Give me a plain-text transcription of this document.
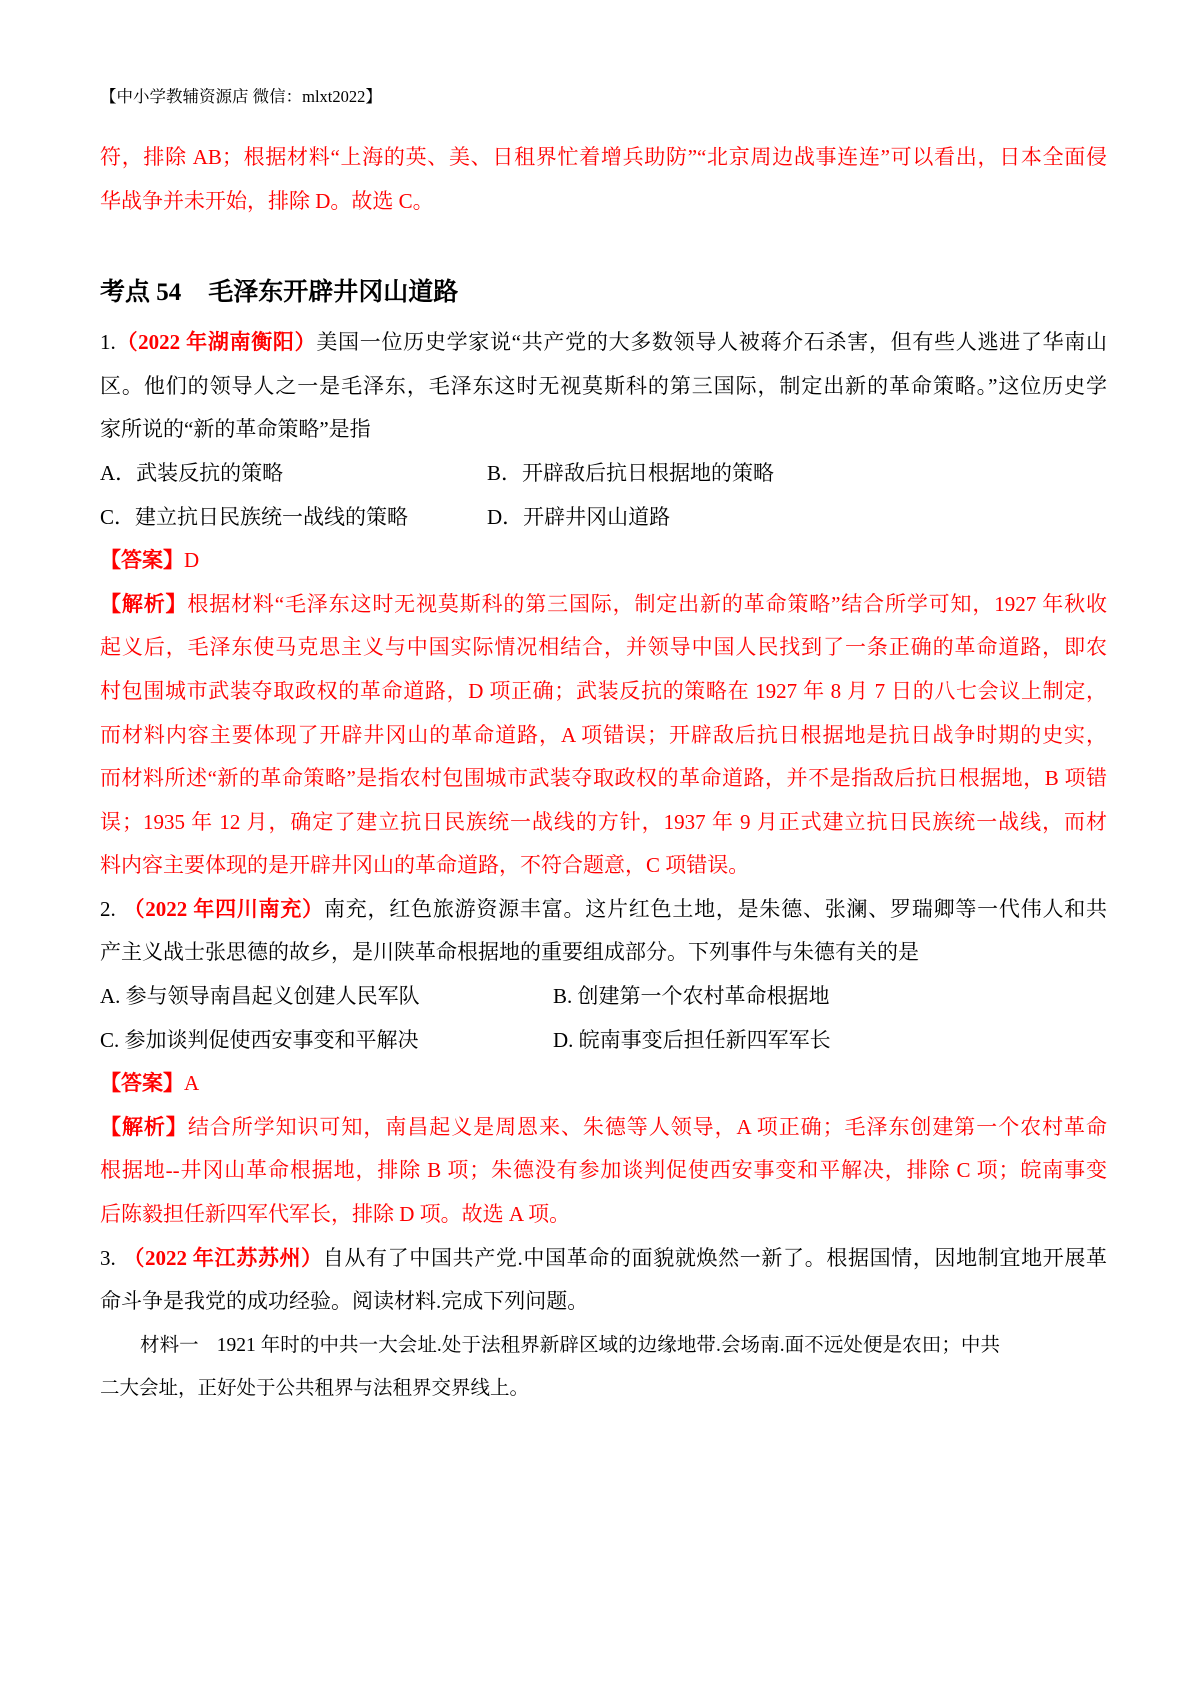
【中小学教辅资源店 微信：mlxt2022】
符，排除 AB；根据材料“上海的英、美、日租界忙着增兵助防”“北京周边战事连连”可以看出，日本全面侵
华战争并未开始，排除 D。故选 C。
考点 54 毛泽东开辟井冈山道路
1.（2022 年湖南衡阳）美国一位历史学家说“共产党的大多数领导人被蒋介石杀害，但有些人逃进了华南山
区。他们的领导人之一是毛泽东，毛泽东这时无视莫斯科的第三国际，制定出新的革命策略。”这位历史学
家所说的“新的革命策略”是指
A．武装反抗的策略	B．开辟敌后抗日根据地的策略
C．建立抗日民族统一战线的策略	D．开辟井冈山道路
【答案】D
【解析】根据材料“毛泽东这时无视莫斯科的第三国际，制定出新的革命策略”结合所学可知，1927 年秋收
起义后，毛泽东使马克思主义与中国实际情况相结合，并领导中国人民找到了一条正确的革命道路，即农
村包围城市武装夺取政权的革命道路，D 项正确；武装反抗的策略在 1927 年 8 月 7 日的八七会议上制定，
而材料内容主要体现了开辟井冈山的革命道路，A 项错误；开辟敌后抗日根据地是抗日战争时期的史实，
而材料所述“新的革命策略”是指农村包围城市武装夺取政权的革命道路，并不是指敌后抗日根据地，B 项错
误；1935 年 12 月，确定了建立抗日民族统一战线的方针，1937 年 9 月正式建立抗日民族统一战线，而材
料内容主要体现的是开辟井冈山的革命道路，不符合题意，C 项错误。
2. （2022 年四川南充）南充，红色旅游资源丰富。这片红色土地，是朱德、张澜、罗瑞卿等一代伟人和共
产主义战士张思德的故乡，是川陕革命根据地的重要组成部分。下列事件与朱德有关的是
A. 参与领导南昌起义创建人民军队	B. 创建第一个农村革命根据地
C. 参加谈判促使西安事变和平解决	D. 皖南事变后担任新四军军长
【答案】A
【解析】结合所学知识可知，南昌起义是周恩来、朱德等人领导，A 项正确；毛泽东创建第一个农村革命
根据地--井冈山革命根据地，排除 B 项；朱德没有参加谈判促使西安事变和平解决，排除 C 项；皖南事变
后陈毅担任新四军代军长，排除 D 项。故选 A 项。
3. （2022 年江苏苏州）自从有了中国共产党.中国革命的面貌就焕然一新了。根据国情，因地制宜地开展革
命斗争是我党的成功经验。阅读材料.完成下列问题。
材料一 1921 年时的中共一大会址.处于法租界新辟区域的边缘地带.会场南.面不远处便是农田；中共
二大会址，正好处于公共租界与法租界交界线上。
